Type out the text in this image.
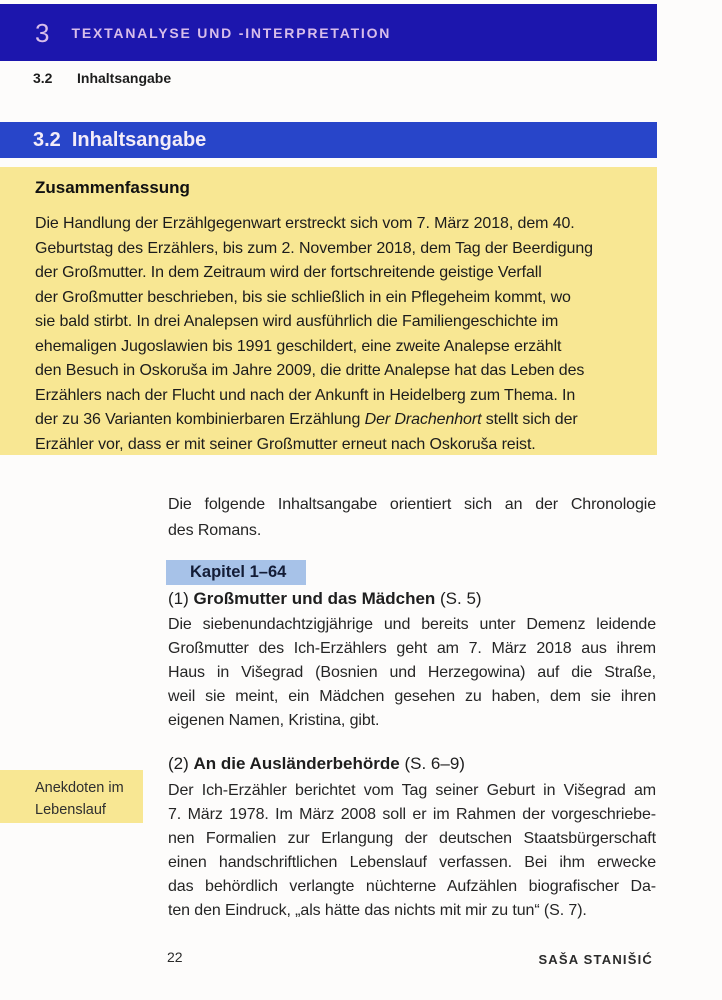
3 TEXTANALYSE UND -INTERPRETATION
3.2	Inhaltsangabe
3.2 Inhaltsangabe
Zusammenfassung
Die Handlung der Erzählgegenwart erstreckt sich vom 7. März 2018, dem 40.
Geburtstag des Erzählers, bis zum 2. November 2018, dem Tag der Beerdigung
der Großmutter. In dem Zeitraum wird der fortschreitende geistige Verfall
der Großmutter beschrieben, bis sie schließlich in ein Pflegeheim kommt, wo
sie bald stirbt. In drei Analepsen wird ausführlich die Familiengeschichte im
ehemaligen Jugoslawien bis 1991 geschildert, eine zweite Analepse erzählt
den Besuch in Oskoruša im Jahre 2009, die dritte Analepse hat das Leben des
Erzählers nach der Flucht und nach der Ankunft in Heidelberg zum Thema. In
der zu 36 Varianten kombinierbaren Erzählung Der Drachenhort stellt sich der
Erzähler vor, dass er mit seiner Großmutter erneut nach Oskoruša reist.
Die folgende Inhaltsangabe orientiert sich an der Chronologie
des Romans.
Kapitel 1–64
(1) Großmutter und das Mädchen (S. 5)
Die siebenundachtzigjährige und bereits unter Demenz leidende
Großmutter des Ich-Erzählers geht am 7. März 2018 aus ihrem
Haus in Višegrad (Bosnien und Herzegowina) auf die Straße,
weil sie meint, ein Mädchen gesehen zu haben, dem sie ihren
eigenen Namen, Kristina, gibt.
(2) An die Ausländerbehörde (S. 6–9)
Der Ich-Erzähler berichtet vom Tag seiner Geburt in Višegrad am
7. März 1978. Im März 2008 soll er im Rahmen der vorgeschriebe-
nen Formalien zur Erlangung der deutschen Staatsbürgerschaft
einen handschriftlichen Lebenslauf verfassen. Bei ihm erwecke
das behördlich verlangte nüchterne Aufzählen biografischer Da-
ten den Eindruck, „als hätte das nichts mit mir zu tun“ (S. 7).
Anekdoten im
Lebenslauf
22	SAŠA STANIŠIĆ
